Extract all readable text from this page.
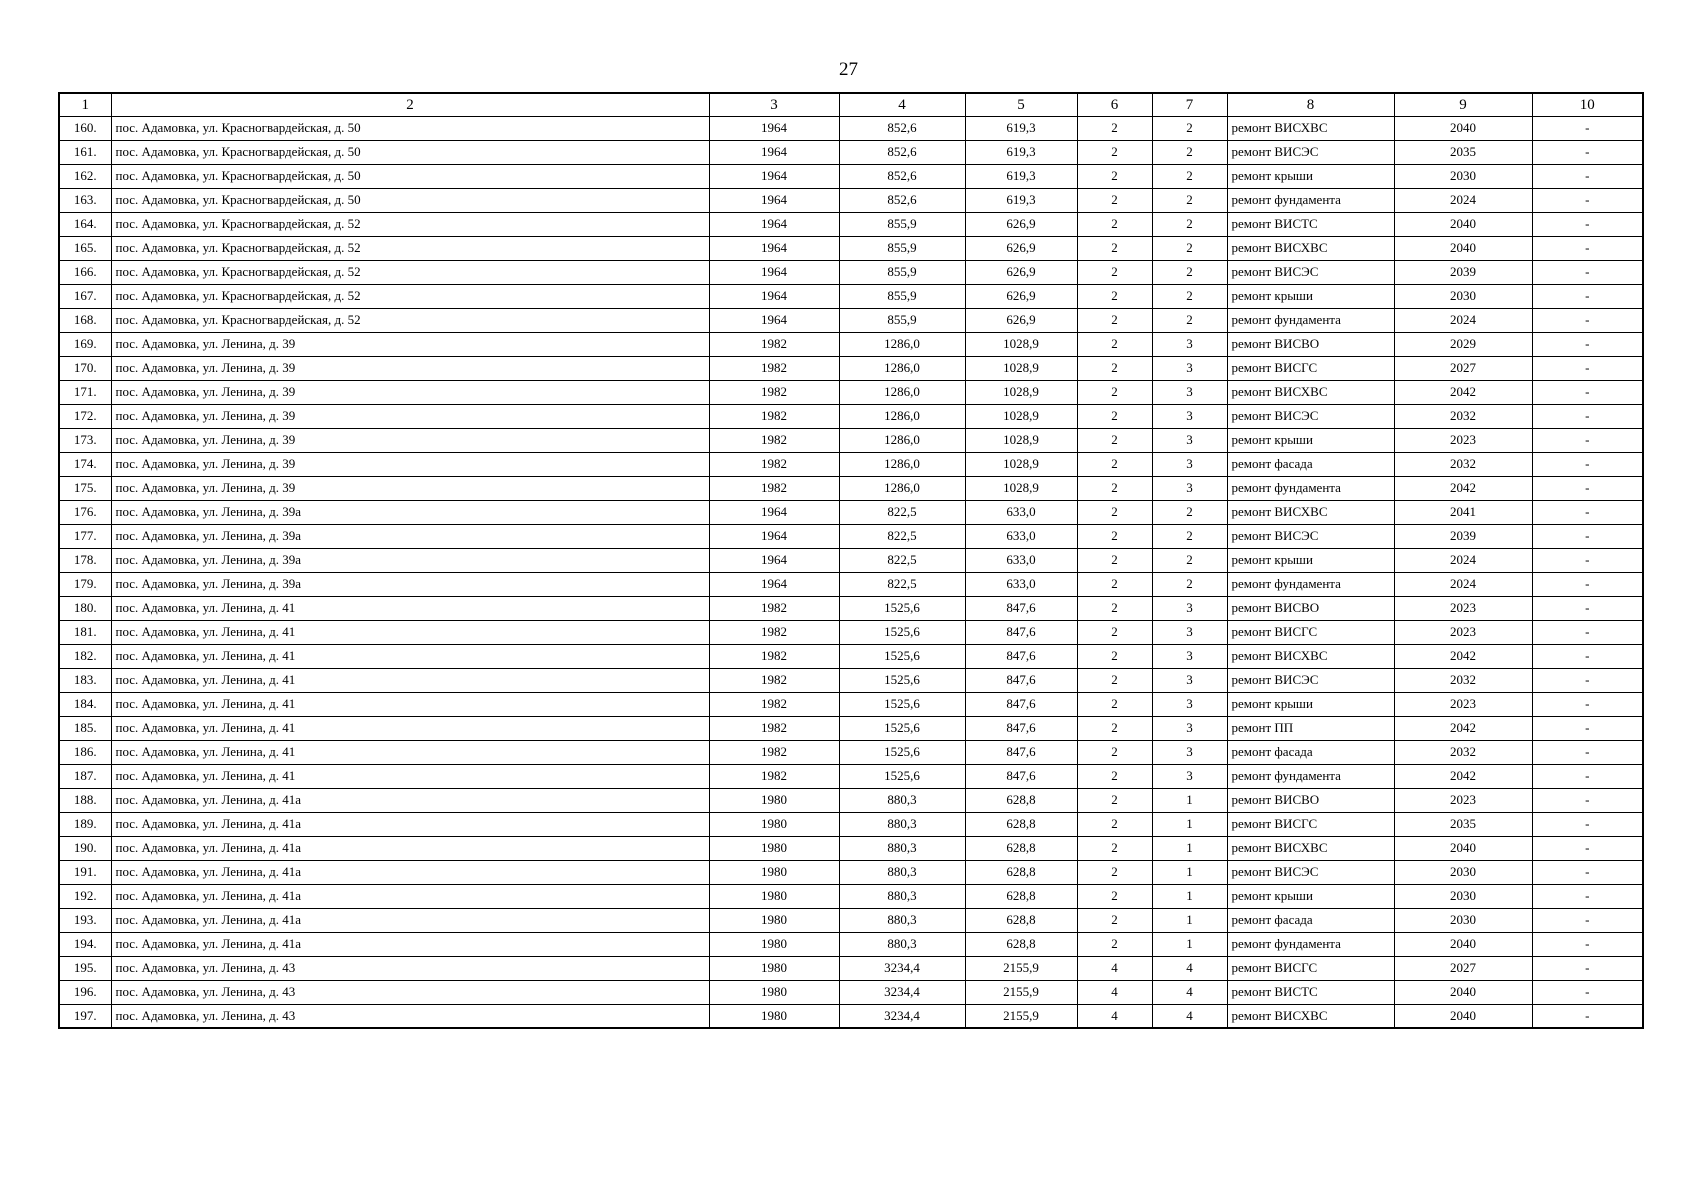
27
1	2	3	4	5	6	7	8	9	10
160.	пос. Адамовка, ул. Красногвардейская, д. 50	1964	852,6	619,3	2	2	ремонт ВИСХВС	2040	-
161.	пос. Адамовка, ул. Красногвардейская, д. 50	1964	852,6	619,3	2	2	ремонт ВИСЭС	2035	-
162.	пос. Адамовка, ул. Красногвардейская, д. 50	1964	852,6	619,3	2	2	ремонт крыши	2030	-
163.	пос. Адамовка, ул. Красногвардейская, д. 50	1964	852,6	619,3	2	2	ремонт фундамента	2024	-
164.	пос. Адамовка, ул. Красногвардейская, д. 52	1964	855,9	626,9	2	2	ремонт ВИСТС	2040	-
165.	пос. Адамовка, ул. Красногвардейская, д. 52	1964	855,9	626,9	2	2	ремонт ВИСХВС	2040	-
166.	пос. Адамовка, ул. Красногвардейская, д. 52	1964	855,9	626,9	2	2	ремонт ВИСЭС	2039	-
167.	пос. Адамовка, ул. Красногвардейская, д. 52	1964	855,9	626,9	2	2	ремонт крыши	2030	-
168.	пос. Адамовка, ул. Красногвардейская, д. 52	1964	855,9	626,9	2	2	ремонт фундамента	2024	-
169.	пос. Адамовка, ул. Ленина, д. 39	1982	1286,0	1028,9	2	3	ремонт ВИСВО	2029	-
170.	пос. Адамовка, ул. Ленина, д. 39	1982	1286,0	1028,9	2	3	ремонт ВИСГС	2027	-
171.	пос. Адамовка, ул. Ленина, д. 39	1982	1286,0	1028,9	2	3	ремонт ВИСХВС	2042	-
172.	пос. Адамовка, ул. Ленина, д. 39	1982	1286,0	1028,9	2	3	ремонт ВИСЭС	2032	-
173.	пос. Адамовка, ул. Ленина, д. 39	1982	1286,0	1028,9	2	3	ремонт крыши	2023	-
174.	пос. Адамовка, ул. Ленина, д. 39	1982	1286,0	1028,9	2	3	ремонт фасада	2032	-
175.	пос. Адамовка, ул. Ленина, д. 39	1982	1286,0	1028,9	2	3	ремонт фундамента	2042	-
176.	пос. Адамовка, ул. Ленина, д. 39а	1964	822,5	633,0	2	2	ремонт ВИСХВС	2041	-
177.	пос. Адамовка, ул. Ленина, д. 39а	1964	822,5	633,0	2	2	ремонт ВИСЭС	2039	-
178.	пос. Адамовка, ул. Ленина, д. 39а	1964	822,5	633,0	2	2	ремонт крыши	2024	-
179.	пос. Адамовка, ул. Ленина, д. 39а	1964	822,5	633,0	2	2	ремонт фундамента	2024	-
180.	пос. Адамовка, ул. Ленина, д. 41	1982	1525,6	847,6	2	3	ремонт ВИСВО	2023	-
181.	пос. Адамовка, ул. Ленина, д. 41	1982	1525,6	847,6	2	3	ремонт ВИСГС	2023	-
182.	пос. Адамовка, ул. Ленина, д. 41	1982	1525,6	847,6	2	3	ремонт ВИСХВС	2042	-
183.	пос. Адамовка, ул. Ленина, д. 41	1982	1525,6	847,6	2	3	ремонт ВИСЭС	2032	-
184.	пос. Адамовка, ул. Ленина, д. 41	1982	1525,6	847,6	2	3	ремонт крыши	2023	-
185.	пос. Адамовка, ул. Ленина, д. 41	1982	1525,6	847,6	2	3	ремонт ПП	2042	-
186.	пос. Адамовка, ул. Ленина, д. 41	1982	1525,6	847,6	2	3	ремонт фасада	2032	-
187.	пос. Адамовка, ул. Ленина, д. 41	1982	1525,6	847,6	2	3	ремонт фундамента	2042	-
188.	пос. Адамовка, ул. Ленина, д. 41а	1980	880,3	628,8	2	1	ремонт ВИСВО	2023	-
189.	пос. Адамовка, ул. Ленина, д. 41а	1980	880,3	628,8	2	1	ремонт ВИСГС	2035	-
190.	пос. Адамовка, ул. Ленина, д. 41а	1980	880,3	628,8	2	1	ремонт ВИСХВС	2040	-
191.	пос. Адамовка, ул. Ленина, д. 41а	1980	880,3	628,8	2	1	ремонт ВИСЭС	2030	-
192.	пос. Адамовка, ул. Ленина, д. 41а	1980	880,3	628,8	2	1	ремонт крыши	2030	-
193.	пос. Адамовка, ул. Ленина, д. 41а	1980	880,3	628,8	2	1	ремонт фасада	2030	-
194.	пос. Адамовка, ул. Ленина, д. 41а	1980	880,3	628,8	2	1	ремонт фундамента	2040	-
195.	пос. Адамовка, ул. Ленина, д. 43	1980	3234,4	2155,9	4	4	ремонт ВИСГС	2027	-
196.	пос. Адамовка, ул. Ленина, д. 43	1980	3234,4	2155,9	4	4	ремонт ВИСТС	2040	-
197.	пос. Адамовка, ул. Ленина, д. 43	1980	3234,4	2155,9	4	4	ремонт ВИСХВС	2040	-
